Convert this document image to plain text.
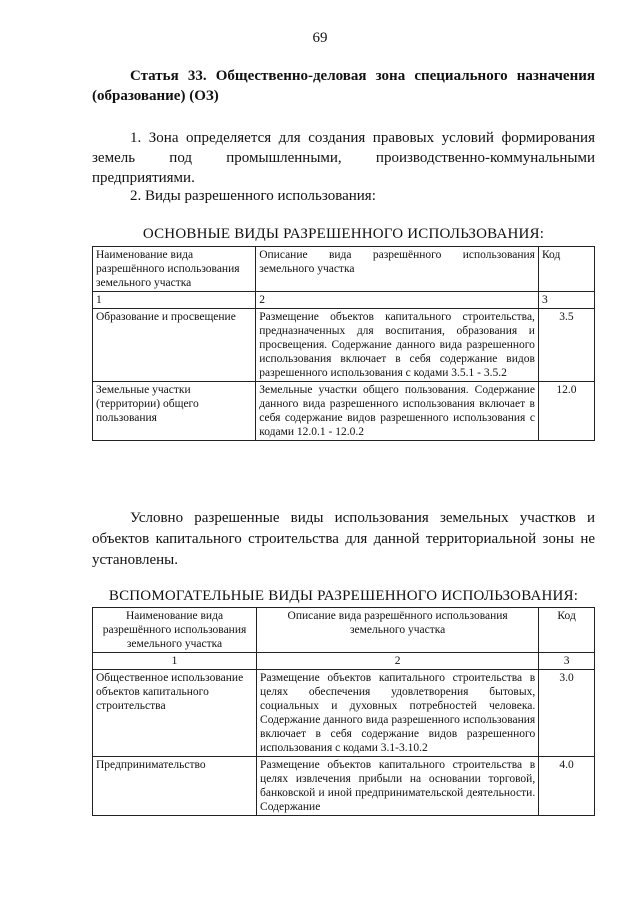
69
Статья 33. Общественно-деловая зона специального назначения
(образование) (ОЗ)
1. Зона определяется для создания правовых условий формирования
земель под промышленными, производственно-коммунальными
предприятиями.
2. Виды разрешенного использования:
ОСНОВНЫЕ ВИДЫ РАЗРЕШЕННОГО ИСПОЛЬЗОВАНИЯ:
Наименование вида разрешённого использования земельного участка	Описание вида разрешённого использования земельного участка	Код
1	2	3
Образование и просвещение	Размещение объектов капитального строительства, предназначенных для воспитания, образования и просвещения. Содержание данного вида разрешенного использования включает в себя содержание видов разрешенного использования с кодами 3.5.1 - 3.5.2	3.5
Земельные участки (территории) общего пользования	Земельные участки общего пользования. Содержание данного вида разрешенного использования включает в себя содержание видов разрешенного использования с кодами 12.0.1 - 12.0.2	12.0
Условно разрешенные виды использования земельных участков и
объектов капитального строительства для данной территориальной зоны не
установлены.
ВСПОМОГАТЕЛЬНЫЕ ВИДЫ РАЗРЕШЕННОГО ИСПОЛЬЗОВАНИЯ:
Наименование вида разрешённого использования земельного участка	Описание вида разрешённого использования земельного участка	Код
1	2	3
Общественное использование объектов капитального строительства	Размещение объектов капитального строительства в целях обеспечения удовлетворения бытовых, социальных и духовных потребностей человека. Содержание данного вида разрешенного использования включает в себя содержание видов разрешенного использования с кодами 3.1-3.10.2	3.0
Предпринимательство	Размещение объектов капитального строительства в целях извлечения прибыли на основании торговой, банковской и иной предпринимательской деятельности. Содержание	4.0
